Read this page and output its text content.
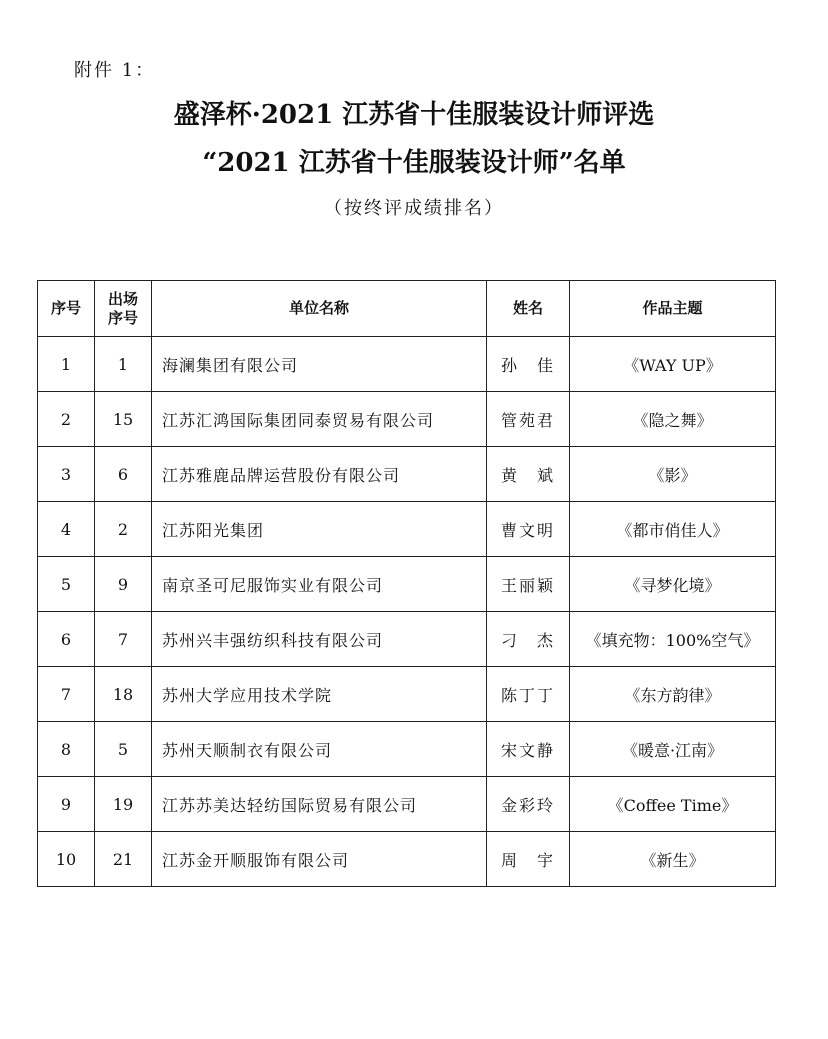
附件 1：
盛泽杯·2021 江苏省十佳服装设计师评选
“2021 江苏省十佳服装设计师”名单
（按终评成绩排名）
序号	出场序号	单位名称	姓名	作品主题
1	1	海澜集团有限公司	孙　佳	《WAY UP》
2	15	江苏汇鸿国际集团同泰贸易有限公司	管苑君	《隐之舞》
3	6	江苏雅鹿品牌运营股份有限公司	黄　斌	《影》
4	2	江苏阳光集团	曹文明	《都市俏佳人》
5	9	南京圣可尼服饰实业有限公司	王丽颖	《寻梦化境》
6	7	苏州兴丰强纺织科技有限公司	刁　杰	《填充物：100%空气》
7	18	苏州大学应用技术学院	陈丁丁	《东方韵律》
8	5	苏州天顺制衣有限公司	宋文静	《暖意·江南》
9	19	江苏苏美达轻纺国际贸易有限公司	金彩玲	《Coffee Time》
10	21	江苏金开顺服饰有限公司	周　宇	《新生》
